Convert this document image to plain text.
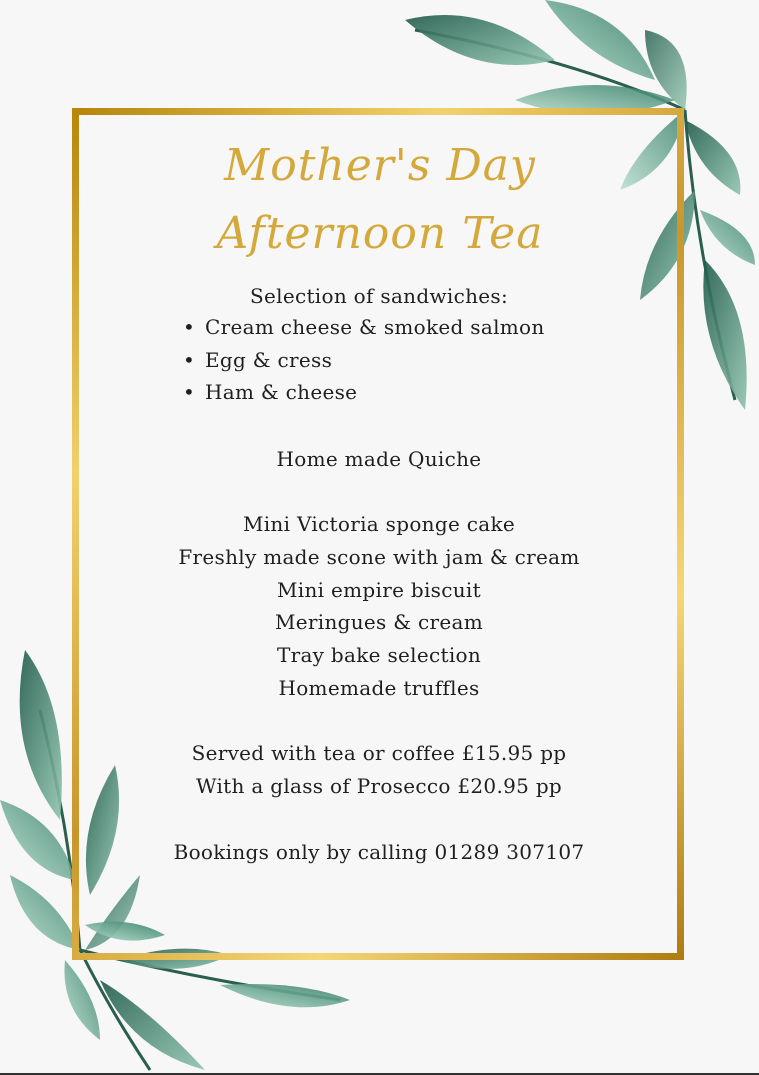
Mother's Day
Afternoon Tea
Selection of sandwiches:
Home made Quiche
Mini Victoria sponge cake
Freshly made scone with jam & cream
Mini empire biscuit
Meringues & cream
Tray bake selection
Homemade truffles
Served with tea or coffee £15.95 pp
With a glass of Prosecco £20.95 pp
Bookings only by calling 01289 307107
• Cream cheese & smoked salmon
• Egg & cress
• Ham & cheese
